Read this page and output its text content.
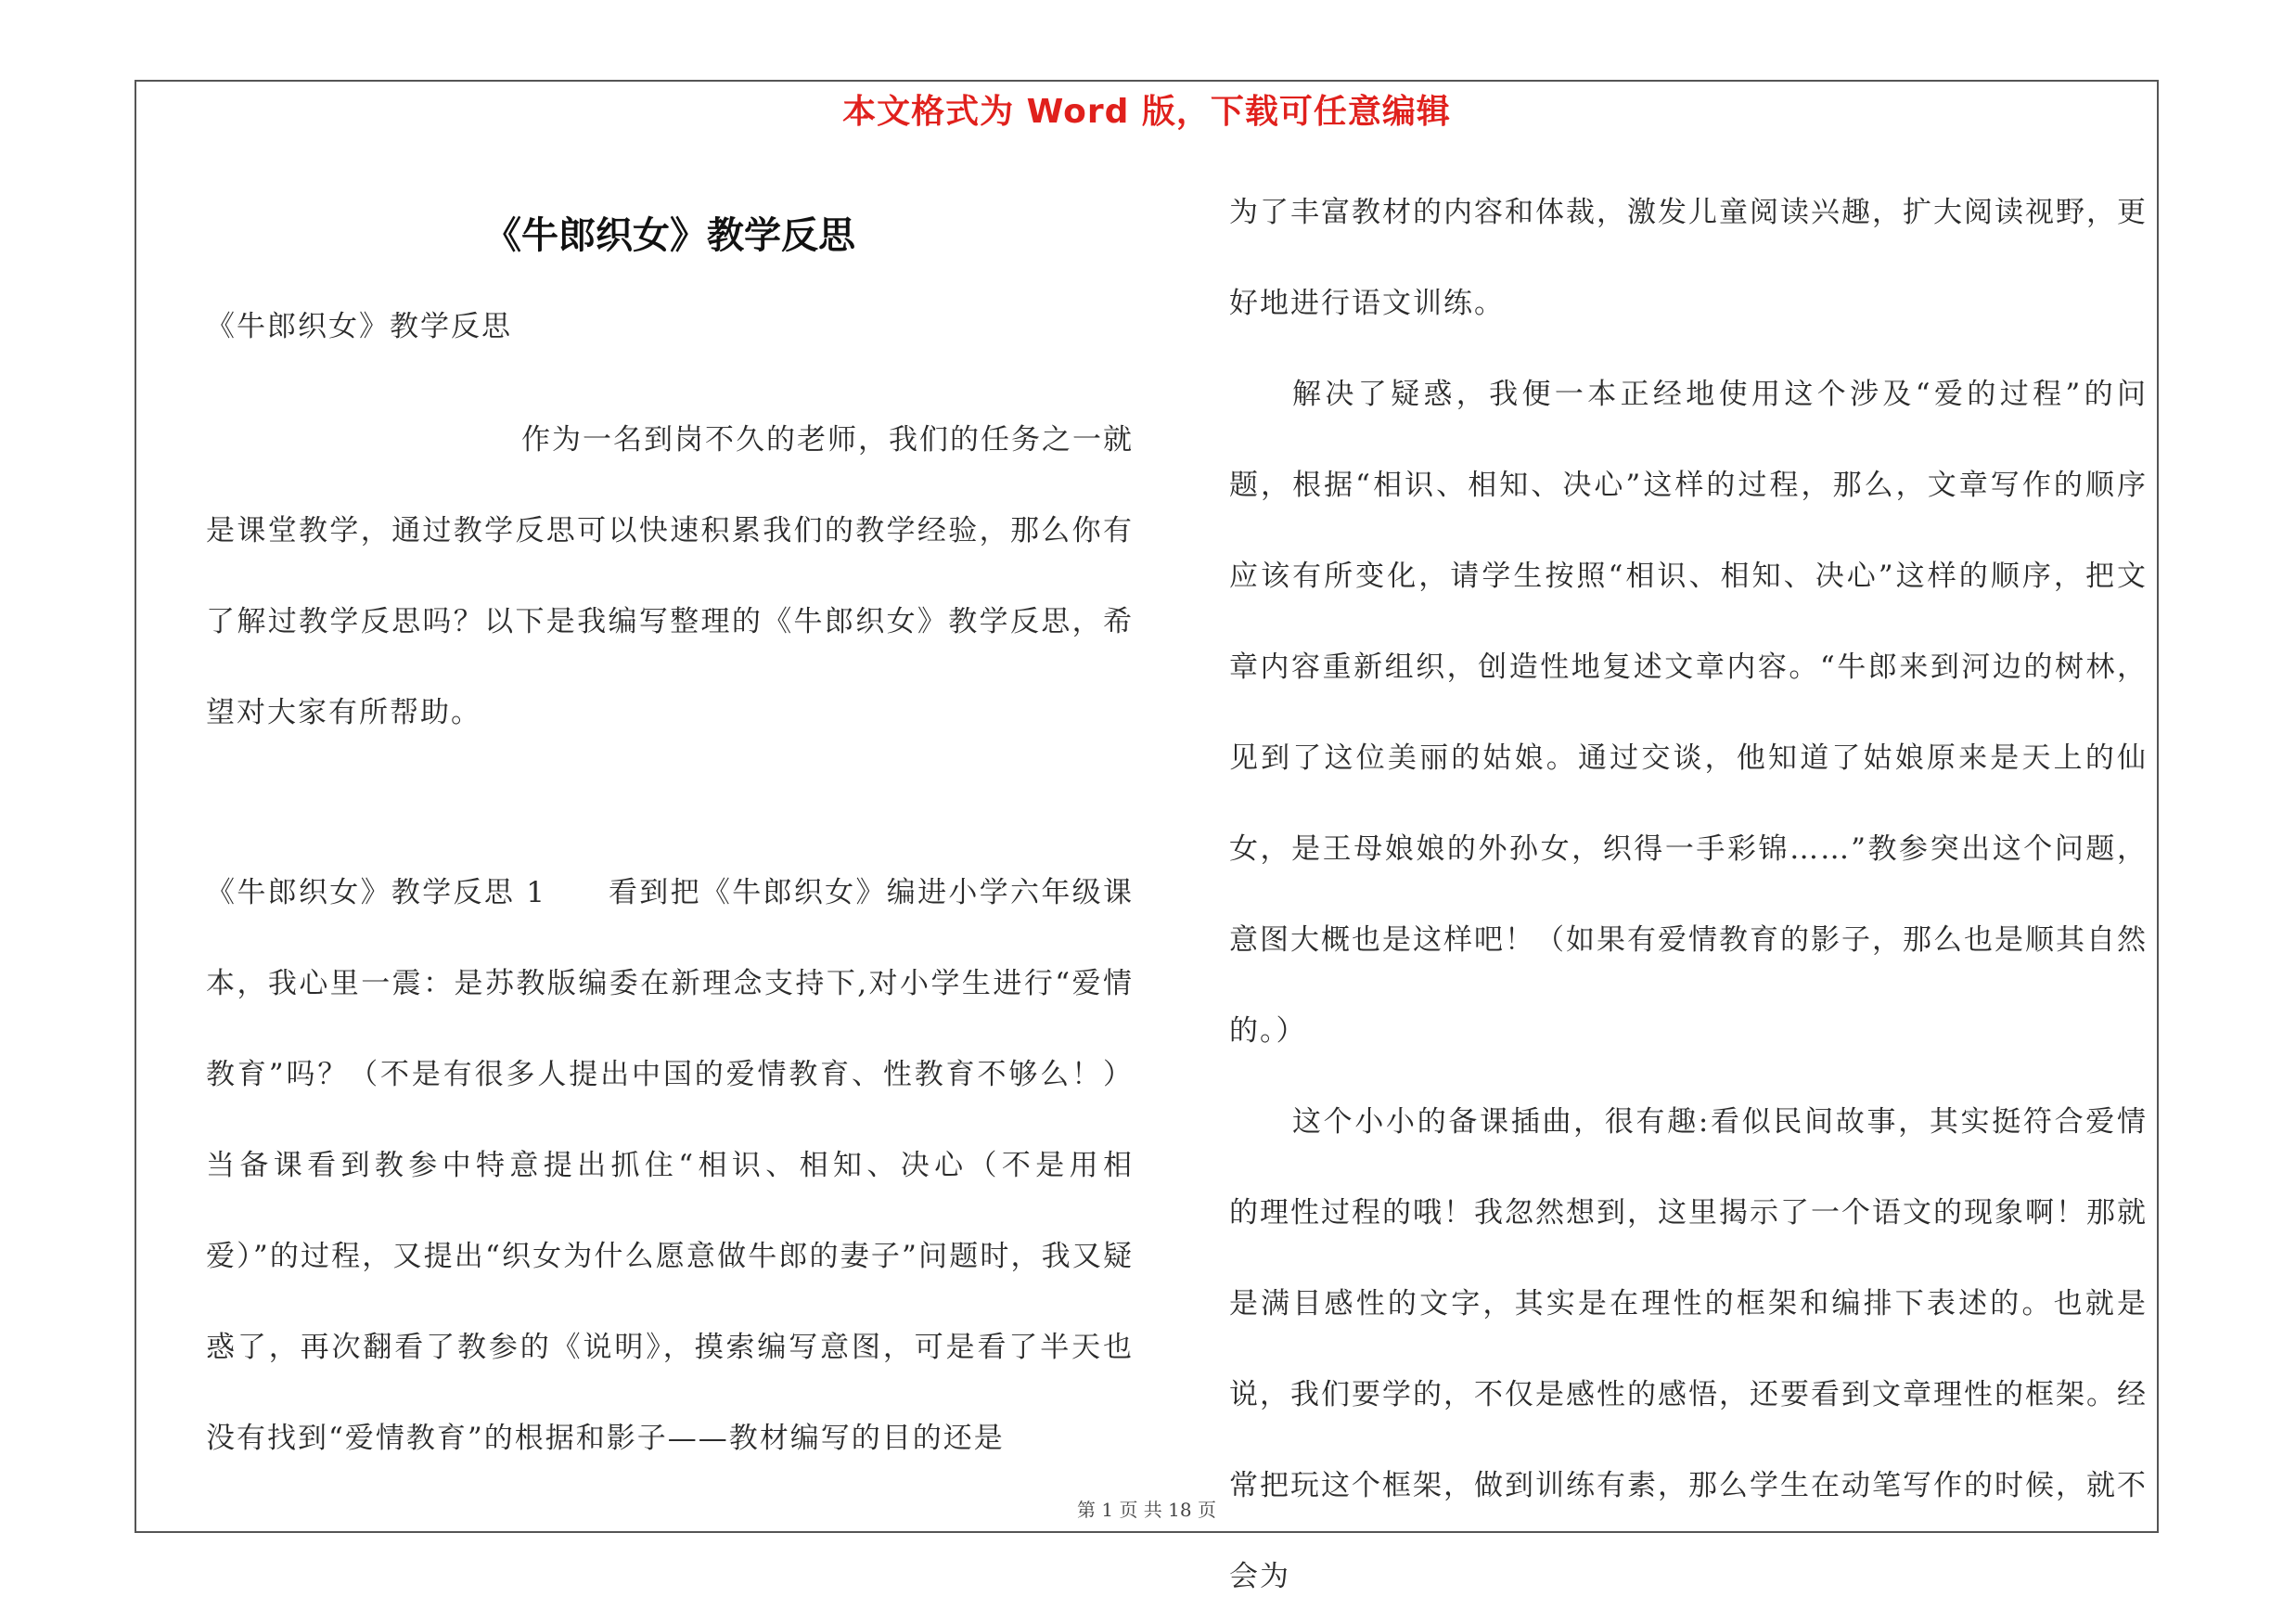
本文格式为 Word 版，下载可任意编辑
《牛郎织女》教学反思
《牛郎织女》教学反思

作为一名到岗不久的老师，我们的任务之一就是课堂教学，通过教学反思可以快速积累我们的教学经验，那么你有了解过教学反思吗？以下是我编写整理的《牛郎织女》教学反思，希望对大家有所帮助。

《牛郎织女》教学反思 1　　看到把《牛郎织女》编进小学六年级课本，我心里一震：是苏教版编委在新理念支持下,对小学生进行“爱情教育”吗？（不是有很多人提出中国的爱情教育、性教育不够么！）当备课看到教参中特意提出抓住“相识、相知、决心（不是用相爱）”的过程，又提出“织女为什么愿意做牛郎的妻子”问题时，我又疑惑了，再次翻看了教参的《说明》，摸索编写意图，可是看了半天也没有找到“爱情教育”的根据和影子——教材编写的目的还是

为了丰富教材的内容和体裁，激发儿童阅读兴趣，扩大阅读视野，更好地进行语文训练。

解决了疑惑，我便一本正经地使用这个涉及“爱的过程”的问题，根据“相识、相知、决心”这样的过程，那么，文章写作的顺序应该有所变化，请学生按照“相识、相知、决心”这样的顺序，把文章内容重新组织，创造性地复述文章内容。“牛郎来到河边的树林，见到了这位美丽的姑娘。通过交谈，他知道了姑娘原来是天上的仙女，是王母娘娘的外孙女，织得一手彩锦……”教参突出这个问题，意图大概也是这样吧！（如果有爱情教育的影子，那么也是顺其自然的。）

这个小小的备课插曲，很有趣:看似民间故事，其实挺符合爱情的理性过程的哦！我忽然想到，这里揭示了一个语文的现象啊！那就是满目感性的文字，其实是在理性的框架和编排下表述的。也就是说，我们要学的，不仅是感性的感悟，还要看到文章理性的框架。经常把玩这个框架，做到训练有素，那么学生在动笔写作的时候，就不会为

第 1 页 共 18 页
